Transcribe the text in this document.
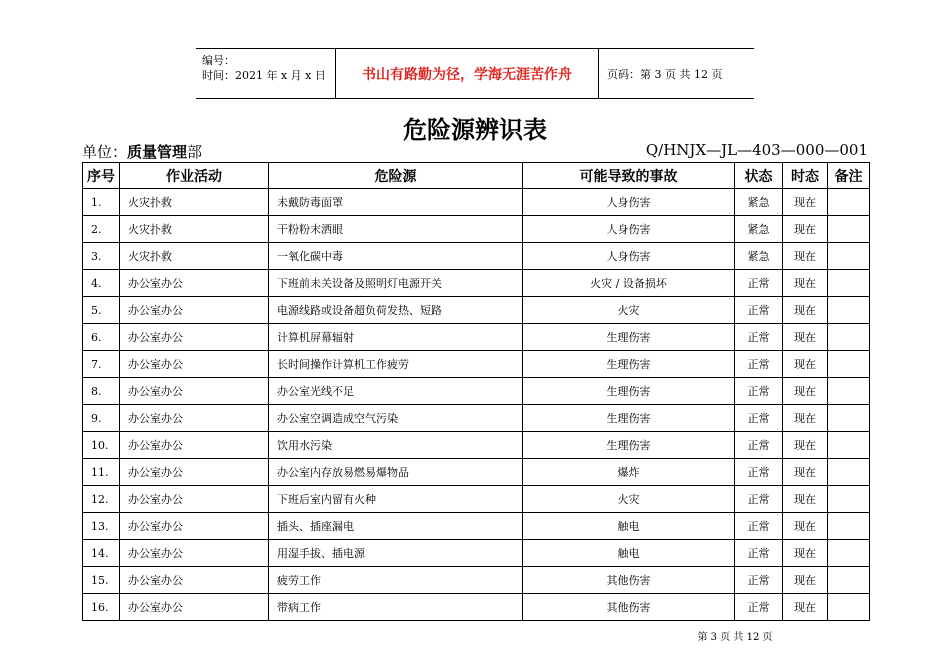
编号：
时间：2021 年 x 月 x 日	书山有路勤为径，学海无涯苦作舟	页码：第 3 页 共 12 页
危险源辨识表
单位：质量管理部	Q/HNJX—JL—403—000—001
序号	作业活动	危险源	可能导致的事故	状态	时态	备注
1.	火灾扑救	未戴防毒面罩	人身伤害	紧急	现在	
2.	火灾扑救	干粉粉末洒眼	人身伤害	紧急	现在	
3.	火灾扑救	一氧化碳中毒	人身伤害	紧急	现在	
4.	办公室办公	下班前未关设备及照明灯电源开关	火灾 / 设备损坏	正常	现在	
5.	办公室办公	电源线路或设备超负荷发热、短路	火灾	正常	现在	
6.	办公室办公	计算机屏幕辐射	生理伤害	正常	现在	
7.	办公室办公	长时间操作计算机工作疲劳	生理伤害	正常	现在	
8.	办公室办公	办公室光线不足	生理伤害	正常	现在	
9.	办公室办公	办公室空调造成空气污染	生理伤害	正常	现在	
10.	办公室办公	饮用水污染	生理伤害	正常	现在	
11.	办公室办公	办公室内存放易燃易爆物品	爆炸	正常	现在	
12.	办公室办公	下班后室内留有火种	火灾	正常	现在	
13.	办公室办公	插头、插座漏电	触电	正常	现在	
14.	办公室办公	用湿手拔、插电源	触电	正常	现在	
15.	办公室办公	疲劳工作	其他伤害	正常	现在	
16.	办公室办公	带病工作	其他伤害	正常	现在	
第 3 页 共 12 页
